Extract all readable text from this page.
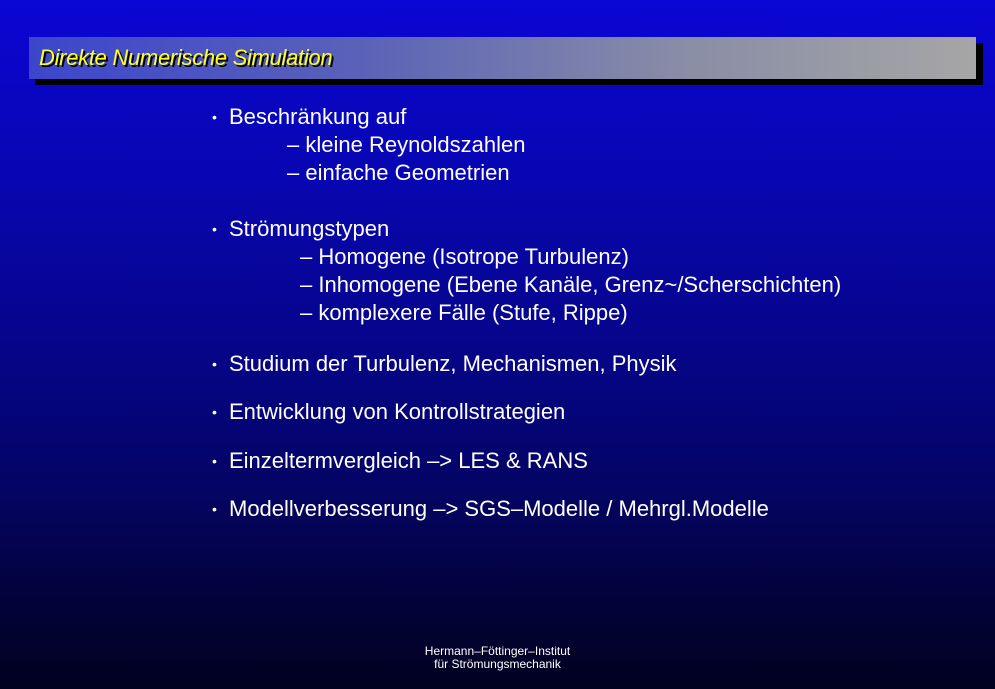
Direkte Numerische Simulation
• Beschränkung auf
– kleine Reynoldszahlen
– einfache Geometrien
• Strömungstypen
– Homogene (Isotrope Turbulenz)
– Inhomogene (Ebene Kanäle, Grenz~/Scherschichten)
– komplexere Fälle (Stufe, Rippe)
• Studium der Turbulenz, Mechanismen, Physik
• Entwicklung von Kontrollstrategien
• Einzeltermvergleich –> LES & RANS
• Modellverbesserung –> SGS–Modelle / Mehrgl.Modelle
Hermann–Föttinger–Institut
für Strömungsmechanik
